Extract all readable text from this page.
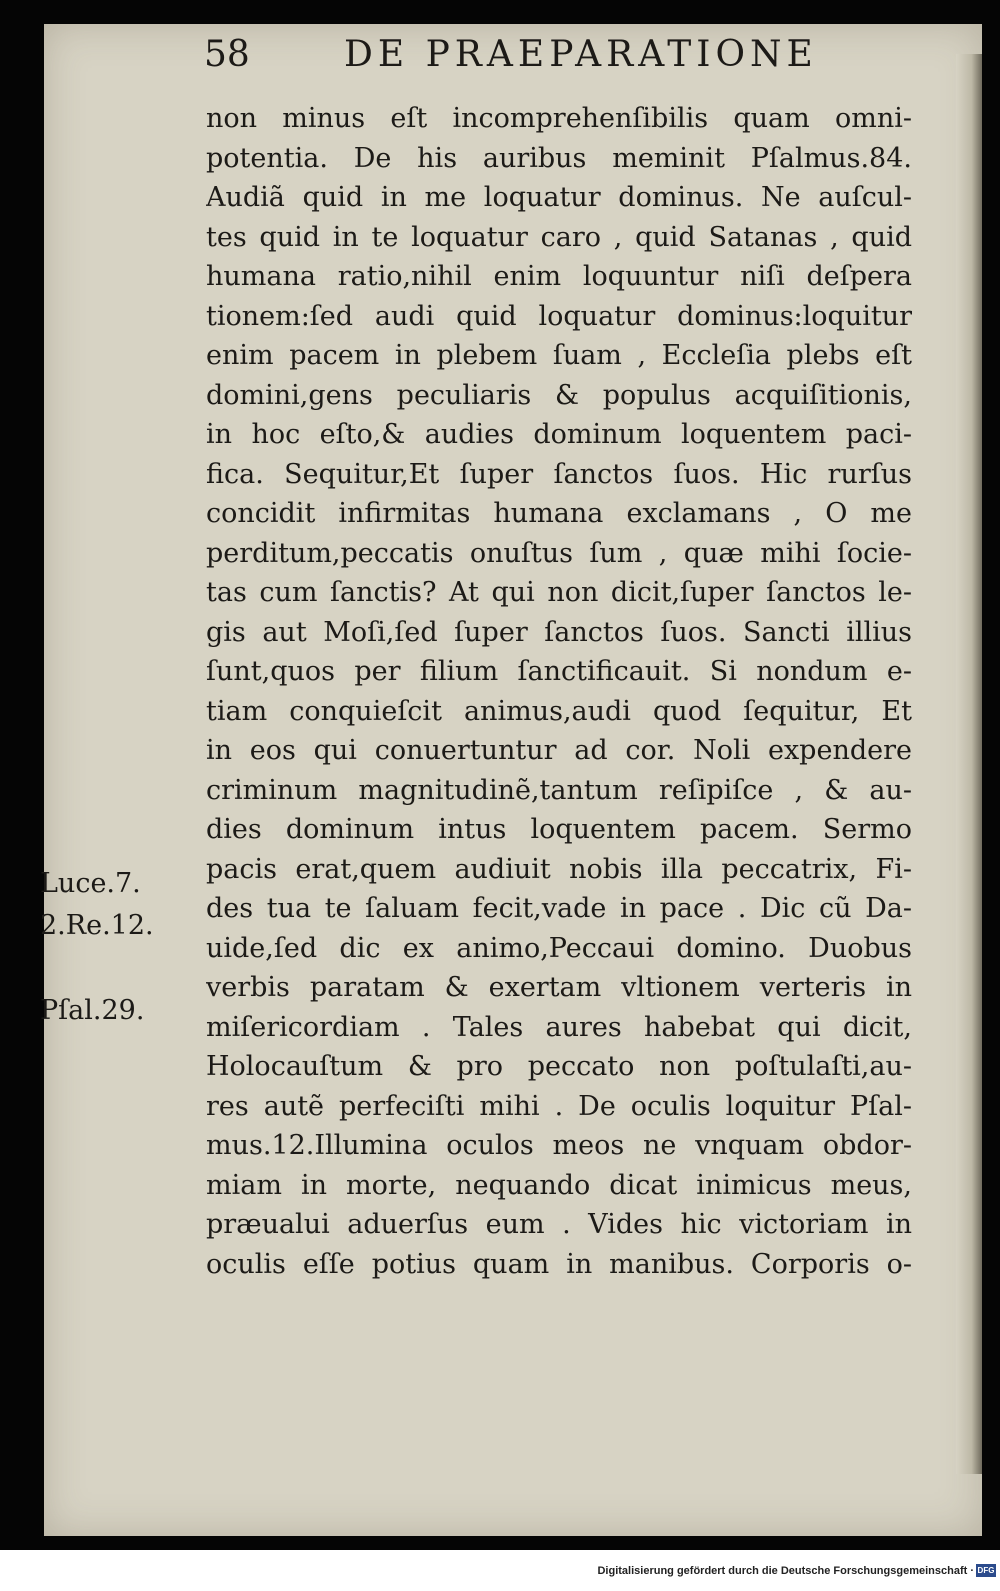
58	DE PRAEPARATIONE
non minus eſt incomprehenſibilis quam omni-
potentia. De his auribus meminit Pſalmus.84.
Audiã quid in me loquatur dominus. Ne auſcul-
tes quid in te loquatur caro , quid Satanas , quid
humana ratio,nihil enim loquuntur niſi deſpera
tionem:ſed audi quid loquatur dominus:loquitur
enim pacem in plebem ſuam , Eccleſia plebs eſt
domini,gens peculiaris & populus acquiſitionis,
in hoc eſto,& audies dominum loquentem paci-
fica. Sequitur,Et ſuper ſanctos ſuos. Hic rurſus
concidit infirmitas humana exclamans , O me
perditum,peccatis onuſtus ſum , quæ mihi ſocie-
tas cum ſanctis? At qui non dicit,ſuper ſanctos le-
gis aut Moſi,ſed ſuper ſanctos ſuos. Sancti illius
ſunt,quos per filium ſanctificauit. Si nondum e-
tiam conquieſcit animus,audi quod ſequitur, Et
in eos qui conuertuntur ad cor. Noli expendere
criminum magnitudinẽ,tantum reſipiſce , & au-
dies dominum intus loquentem pacem. Sermo
pacis erat,quem audiuit nobis illa peccatrix, Fi-
des tua te ſaluam fecit,vade in pace . Dic cũ Da-
uide,ſed dic ex animo,Peccaui domino. Duobus
verbis paratam & exertam vltionem verteris in
miſericordiam . Tales aures habebat qui dicit,
Holocauſtum & pro peccato non poſtulaſti,au-
res autẽ perfeciſti mihi . De oculis loquitur Pſal-
mus.12.Illumina oculos meos ne vnquam obdor-
miam in morte, nequando dicat inimicus meus,
præualui aduerſus eum . Vides hic victoriam in
oculis eſſe potius quam in manibus. Corporis o-
Luce.7.
2.Re.12.
Pſal.29.
Digitalisierung gefördert durch die Deutsche Forschungsgemeinschaft · DFG
